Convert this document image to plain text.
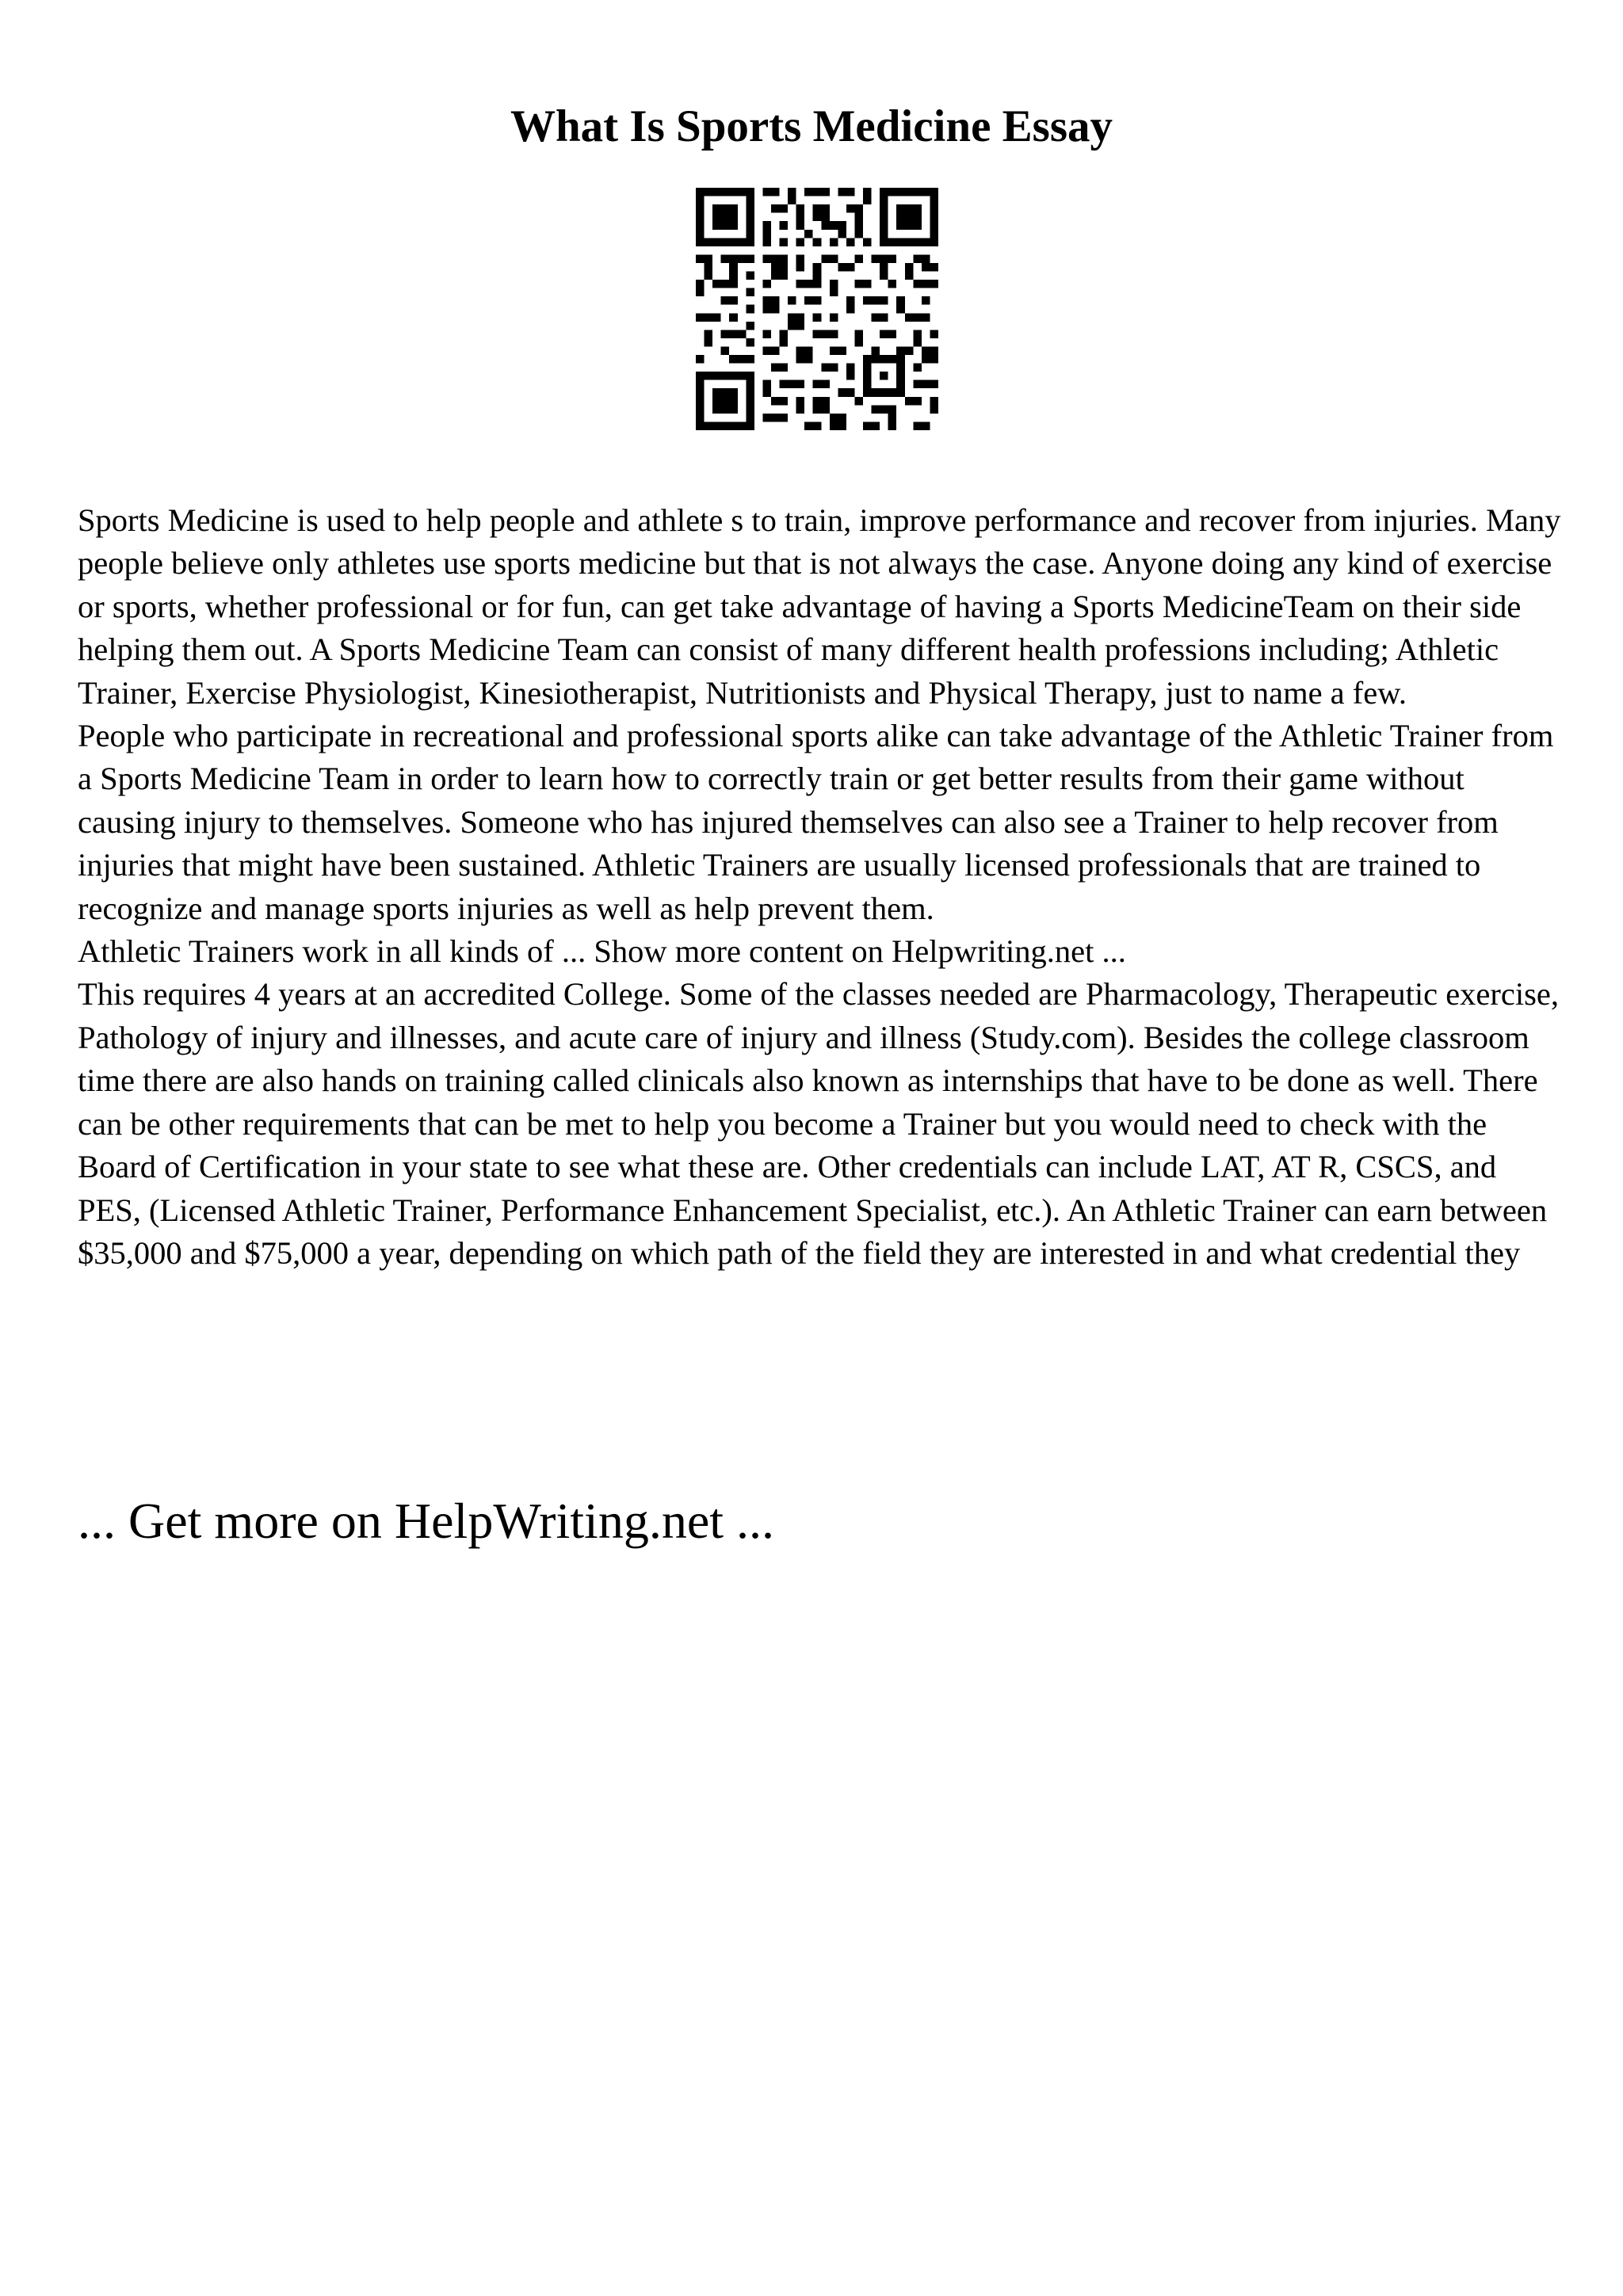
What Is Sports Medicine Essay

Sports Medicine is used to help people and athlete s to train, improve performance and recover from injuries. Many people believe only athletes use sports medicine but that is not always the case. Anyone doing any kind of exercise or sports, whether professional or for fun, can get take advantage of having a Sports MedicineTeam on their side helping them out. A Sports Medicine Team can consist of many different health professions including; Athletic Trainer, Exercise Physiologist, Kinesiotherapist, Nutritionists and Physical Therapy, just to name a few.

People who participate in recreational and professional sports alike can take advantage of the Athletic Trainer from a Sports Medicine Team in order to learn how to correctly train or get better results from their game without causing injury to themselves. Someone who has injured themselves can also see a Trainer to help recover from injuries that might have been sustained. Athletic Trainers are usually licensed professionals that are trained to recognize and manage sports injuries as well as help prevent them.

Athletic Trainers work in all kinds of ... Show more content on Helpwriting.net ...

This requires 4 years at an accredited College. Some of the classes needed are Pharmacology, Therapeutic exercise, Pathology of injury and illnesses, and acute care of injury and illness (Study.com). Besides the college classroom time there are also hands on training called clinicals also known as internships that have to be done as well. There can be other requirements that can be met to help you become a Trainer but you would need to check with the Board of Certification in your state to see what these are. Other credentials can include LAT, AT R, CSCS, and PES, (Licensed Athletic Trainer, Performance Enhancement Specialist, etc.). An Athletic Trainer can earn between $35,000 and $75,000 a year, depending on which path of the field they are interested in and what credential they

... Get more on HelpWriting.net ...
